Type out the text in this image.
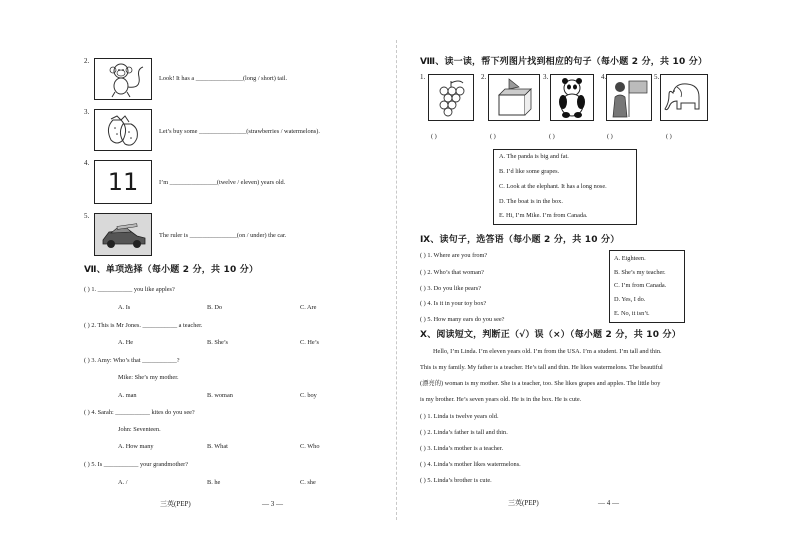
2.
Look! It has a _______________(long / short) tail.
3.
Let’s buy some _______________(strawberries / watermelons).
4.
11	I’m _______________(twelve / eleven) years old.
5.
The ruler is _______________(on / under) the car.
Ⅶ、单项选择（每小题 2 分，共 10 分）
( ) 1. ___________ you like apples?
A. Is	B. Do	C. Are
( ) 2. This is Mr Jones. ___________ a teacher.
A. He	B. She’s	C. He’s
( ) 3. Amy: Who’s that ___________?
Mike: She’s my mother.
A. man	B. woman	C. boy
( ) 4. Sarah: ___________ kites do you see?
John: Seventeen.
A. How many	B. What	C. Who
( ) 5. Is ___________ your grandmother?
A. /	B. he	C. she
三英(PEP)	— 3 —
Ⅷ、读一读，帮下列图片找到相应的句子（每小题 2 分，共 10 分）
1.	2.	3.	4.	5.
( )	( )	( )	( )	( )
A. The panda is big and fat.
B. I’d like some grapes.
C. Look at the elephant. It has a long nose.
D. The boat is in the box.
E. Hi, I’m Mike. I’m from Canada.
Ⅸ、读句子，选答语（每小题 2 分，共 10 分）
( ) 1. Where are you from?
( ) 2. Who’s that woman?
( ) 3. Do you like pears?
( ) 4. Is it in your toy box?
( ) 5. How many ears do you see?
A. Eighteen.
B. She’s my teacher.
C. I’m from Canada.
D. Yes, I do.
E. No, it isn’t.
Ⅹ、阅读短文，判断正（√）误（×）（每小题 2 分，共 10 分）
Hello, I’m Linda. I’m eleven years old. I’m from the USA. I’m a student. I’m tall and thin.
This is my family. My father is a teacher. He’s tall and thin. He likes watermelons. The beautiful
(漂亮的) woman is my mother. She is a teacher, too. She likes grapes and apples. The little boy
is my brother. He’s seven years old. He is in the box. He is cute.
( ) 1. Linda is twelve years old.
( ) 2. Linda’s father is tall and thin.
( ) 3. Linda’s mother is a teacher.
( ) 4. Linda’s mother likes watermelons.
( ) 5. Linda’s brother is cute.
三英(PEP)	— 4 —
